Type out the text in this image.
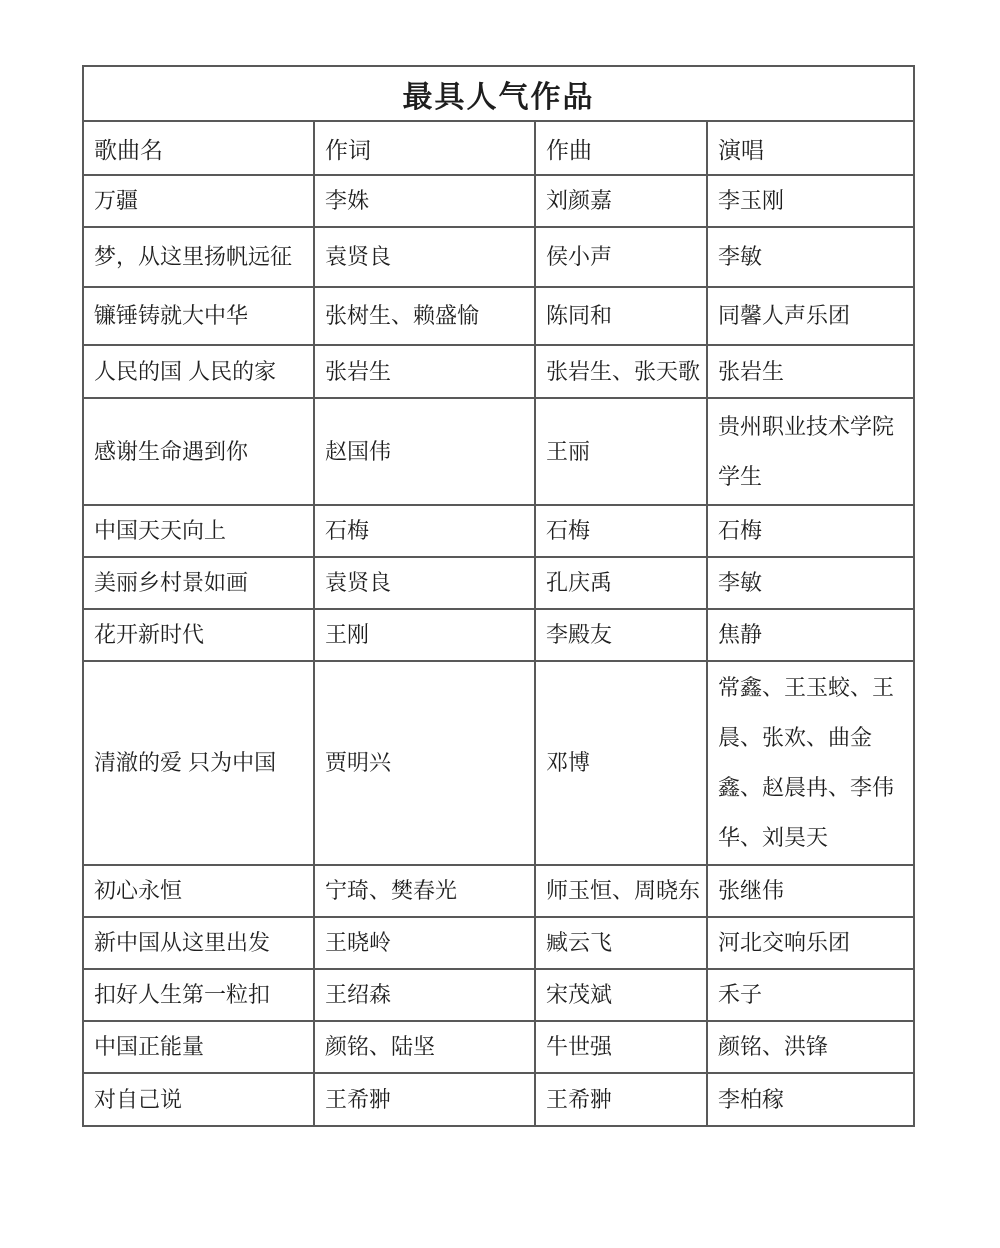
最具人气作品			
歌曲名	作词	作曲	演唱
万疆	李姝	刘颜嘉	李玉刚
梦，从这里扬帆远征	袁贤良	侯小声	李敏
镰锤铸就大中华	张树生、赖盛愉	陈同和	同馨人声乐团
人民的国 人民的家	张岩生	张岩生、张天歌	张岩生
感谢生命遇到你	赵国伟	王丽	贵州职业技术学院学生
中国天天向上	石梅	石梅	石梅
美丽乡村景如画	袁贤良	孔庆禹	李敏
花开新时代	王刚	李殿友	焦静
清澈的爱 只为中国	贾明兴	邓博	常鑫、王玉蛟、王晨、张欢、曲金鑫、赵晨冉、李伟华、刘昊天
初心永恒	宁琦、樊春光	师玉恒、周晓东	张继伟
新中国从这里出发	王晓岭	臧云飞	河北交响乐团
扣好人生第一粒扣	王绍森	宋茂斌	禾子
中国正能量	颜铭、陆坚	牛世强	颜铭、洪锋
对自己说	王希翀	王希翀	李柏稼
